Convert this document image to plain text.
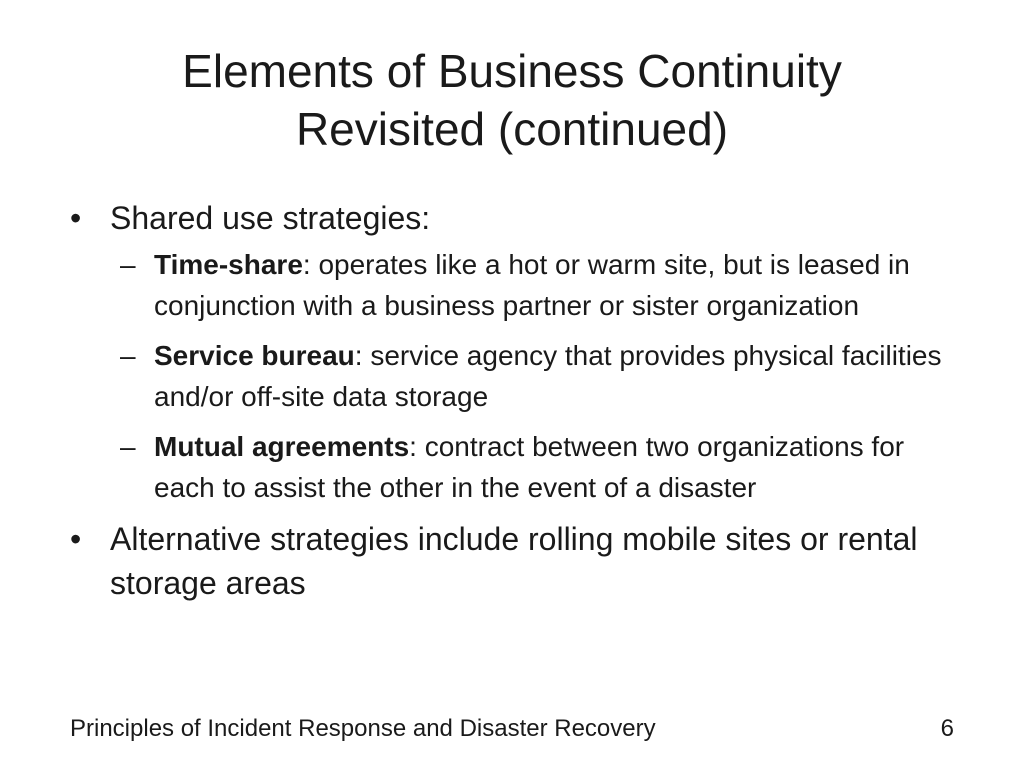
Elements of Business Continuity
Revisited (continued)
• Shared use strategies:
– Time-share: operates like a hot or warm site, but is leased in conjunction with a business partner or sister organization
– Service bureau: service agency that provides physical facilities and/or off-site data storage
– Mutual agreements: contract between two organizations for each to assist the other in the event of a disaster
• Alternative strategies include rolling mobile sites or rental storage areas
Principles of Incident Response and Disaster Recovery	6
